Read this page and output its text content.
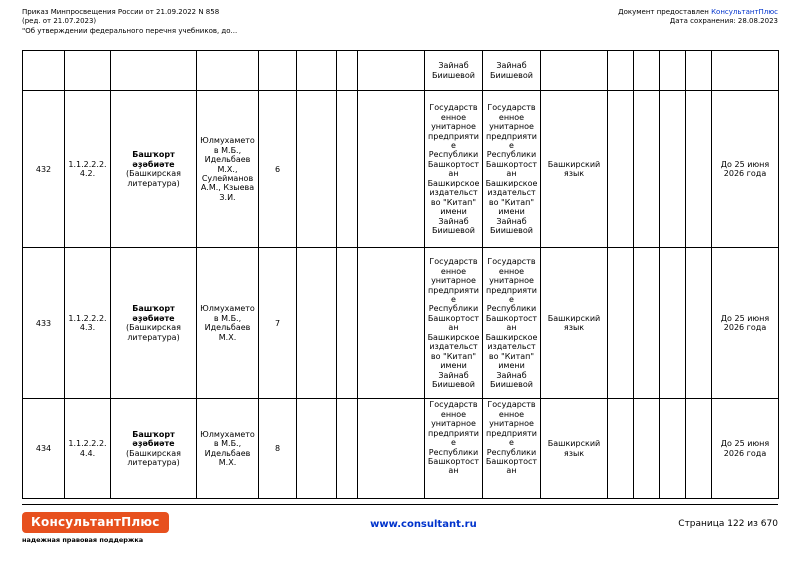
Приказ Минпросвещения России от 21.09.2022 N 858
(ред. от 21.07.2023)
"Об утверждении федерального перечня учебников, до...
Документ предоставлен КонсультантПлюс
Дата сохранения: 28.08.2023
								Зайнаб Биишевой	Зайнаб Биишевой						
432	1.1.2.2.2.4.2.	Башҡорт әҙәбиәте
(Башкирская литература)	Юлмухаметов М.Б., Идельбаев М.Х., Сулейманов А.М., Кзыева З.И.	6				Государственное унитарное предприятие Республики Башкортостан Башкирское издательство "Китап" имени Зайнаб Биишевой	Государственное унитарное предприятие Республики Башкортостан Башкирское издательство "Китап" имени Зайнаб Биишевой	Башкирский язык					До 25 июня 2026 года
433	1.1.2.2.2.4.3.	Башҡорт әҙәбиәте
(Башкирская литература)	Юлмухаметов М.Б., Идельбаев М.Х.	7				Государственное унитарное предприятие Республики Башкортостан Башкирское издательство "Китап" имени Зайнаб Биишевой	Государственное унитарное предприятие Республики Башкортостан Башкирское издательство "Китап" имени Зайнаб Биишевой	Башкирский язык					До 25 июня 2026 года
434	1.1.2.2.2.4.4.	Башҡорт әҙәбиәте
(Башкирская литература)	Юлмухаметов М.Б., Идельбаев М.Х.	8				Государственное унитарное предприятие Республики Башкортостан	Государственное унитарное предприятие Республики Башкортостан	Башкирский язык					До 25 июня 2026 года
КонсультантПлюс
надежная правовая поддержка
www.consultant.ru	Страница 122 из 670
